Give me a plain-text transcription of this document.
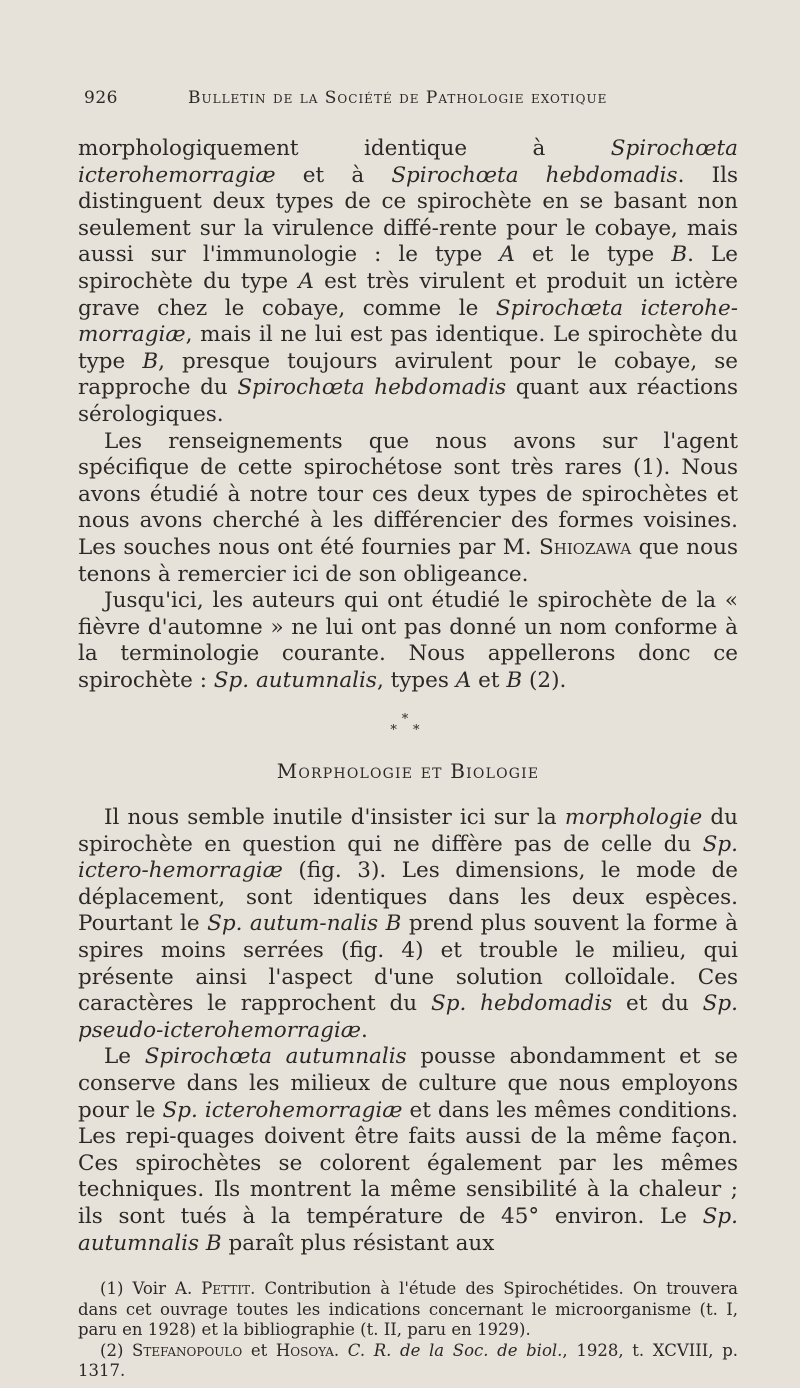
926	Bulletin de la Société de Pathologie exotique

morphologiquement identique à Spirochœta icterohemorragiæ et à Spirochœta hebdomadis. Ils distinguent deux types de ce spirochète en se basant non seulement sur la virulence diffé-rente pour le cobaye, mais aussi sur l'immunologie : le type A et le type B. Le spirochète du type A est très virulent et produit un ictère grave chez le cobaye, comme le Spirochœta icterohe-morragiæ, mais il ne lui est pas identique. Le spirochète du type B, presque toujours avirulent pour le cobaye, se rapproche du Spirochœta hebdomadis quant aux réactions sérologiques.

Les renseignements que nous avons sur l'agent spécifique de cette spirochétose sont très rares (1). Nous avons étudié à notre tour ces deux types de spirochètes et nous avons cherché à les différencier des formes voisines. Les souches nous ont été fournies par M. Shiozawa que nous tenons à remercier ici de son obligeance.

Jusqu'ici, les auteurs qui ont étudié le spirochète de la « fièvre d'automne » ne lui ont pas donné un nom conforme à la terminologie courante. Nous appellerons donc ce spirochète : Sp. autumnalis, types A et B (2).

*
* *
Morphologie et Biologie

Il nous semble inutile d'insister ici sur la morphologie du spirochète en question qui ne diffère pas de celle du Sp. ictero-hemorragiæ (fig. 3). Les dimensions, le mode de déplacement, sont identiques dans les deux espèces. Pourtant le Sp. autum-nalis B prend plus souvent la forme à spires moins serrées (fig. 4) et trouble le milieu, qui présente ainsi l'aspect d'une solution colloïdale. Ces caractères le rapprochent du Sp. hebdomadis et du Sp. pseudo-icterohemorragiæ.

Le Spirochœta autumnalis pousse abondamment et se conserve dans les milieux de culture que nous employons pour le Sp. icterohemorragiæ et dans les mêmes conditions. Les repi-quages doivent être faits aussi de la même façon. Ces spirochètes se colorent également par les mêmes techniques. Ils montrent la même sensibilité à la chaleur ; ils sont tués à la température de 45° environ. Le Sp. autumnalis B paraît plus résistant aux

(1) Voir A. Pettit. Contribution à l'étude des Spirochétides. On trouvera dans cet ouvrage toutes les indications concernant le microorganisme (t. I, paru en 1928) et la bibliographie (t. II, paru en 1929).

(2) Stefanopoulo et Hosoya. C. R. de la Soc. de biol., 1928, t. XCVIII, p. 1317.
